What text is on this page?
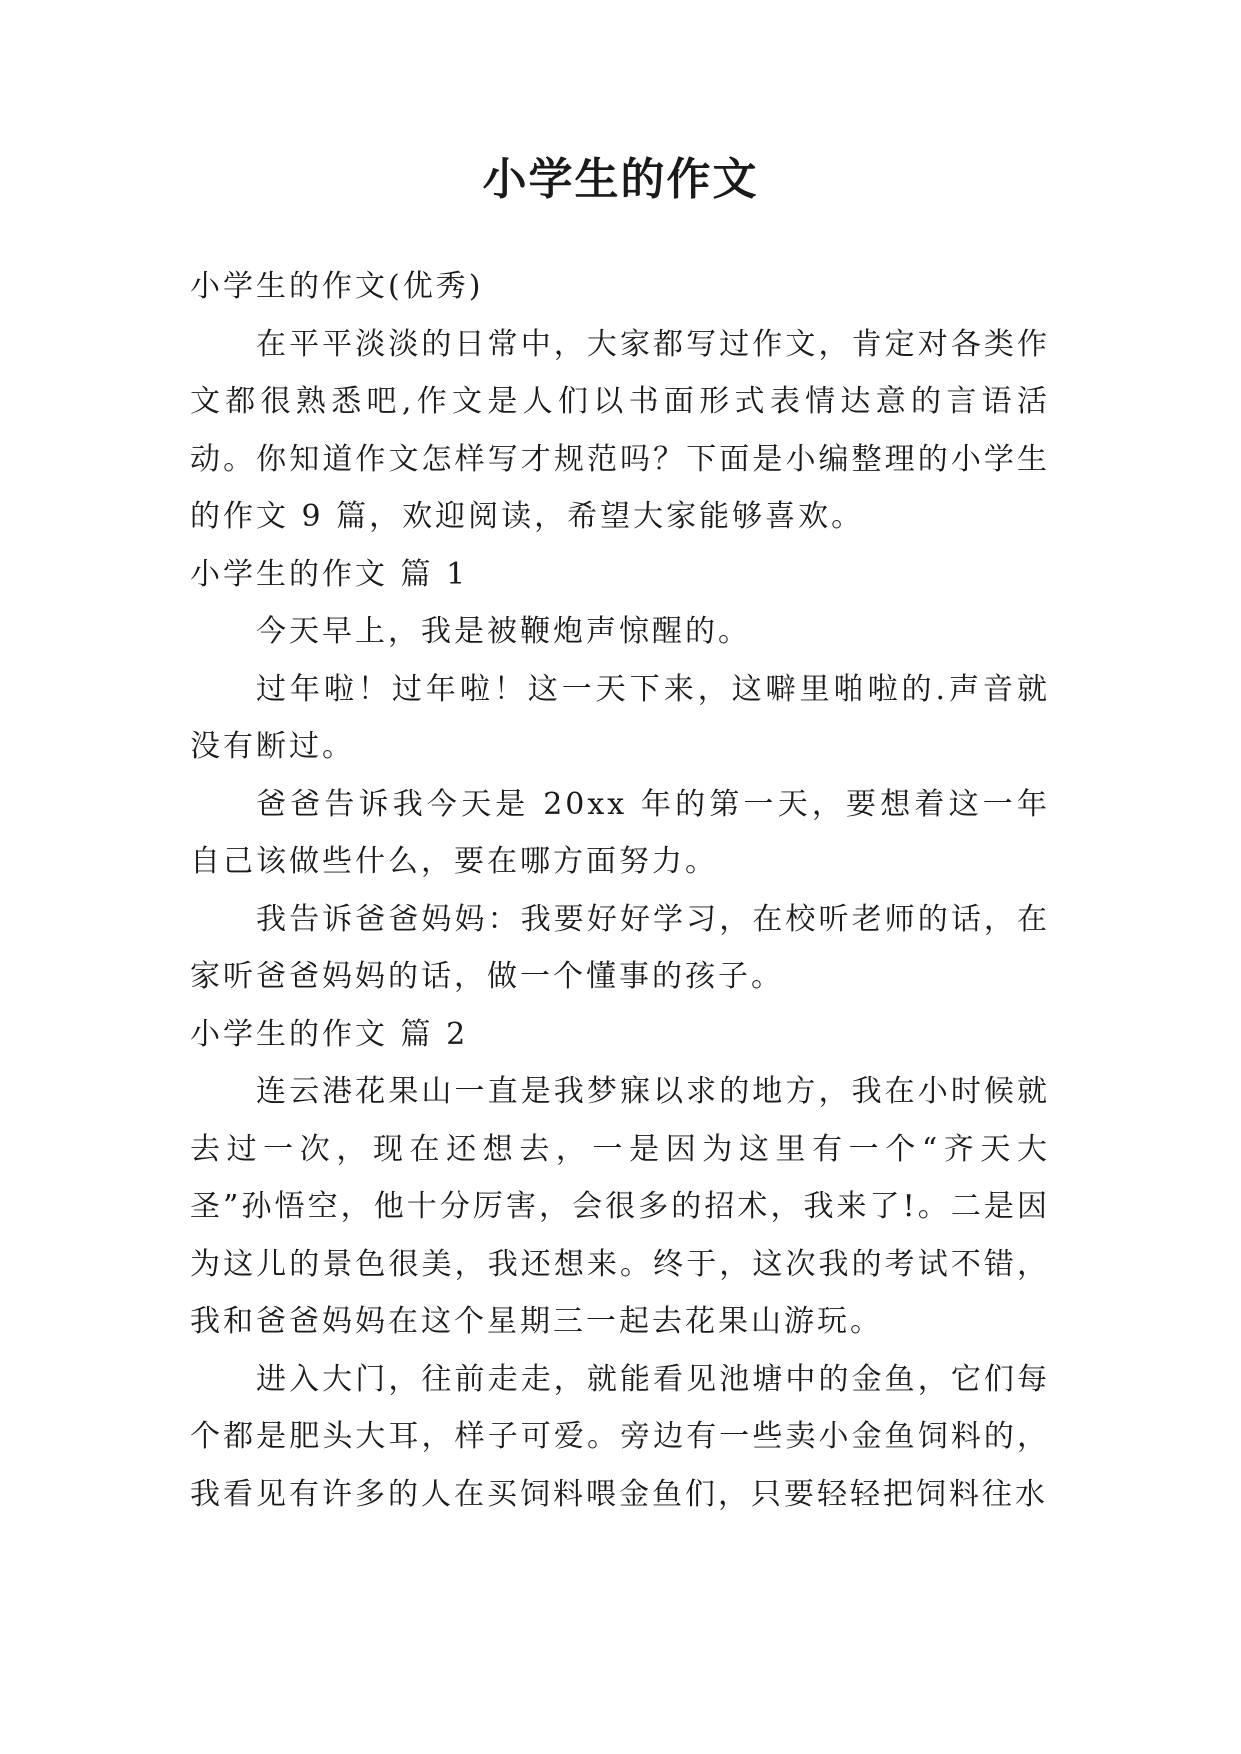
小学生的作文

小学生的作文(优秀)

在平平淡淡的日常中，大家都写过作文，肯定对各类作文都很熟悉吧,作文是人们以书面形式表情达意的言语活动。你知道作文怎样写才规范吗？下面是小编整理的小学生的作文 9 篇，欢迎阅读，希望大家能够喜欢。

小学生的作文 篇 1

今天早上，我是被鞭炮声惊醒的。

过年啦！过年啦！这一天下来，这噼里啪啦的.声音就没有断过。

爸爸告诉我今天是 20xx 年的第一天，要想着这一年自己该做些什么，要在哪方面努力。

我告诉爸爸妈妈：我要好好学习，在校听老师的话，在家听爸爸妈妈的话，做一个懂事的孩子。

小学生的作文 篇 2

连云港花果山一直是我梦寐以求的地方，我在小时候就去过一次，现在还想去，一是因为这里有一个“齐天大圣”孙悟空，他十分厉害，会很多的招术，我来了!。二是因为这儿的景色很美，我还想来。终于，这次我的考试不错，我和爸爸妈妈在这个星期三一起去花果山游玩。

进入大门，往前走走，就能看见池塘中的金鱼，它们每个都是肥头大耳，样子可爱。旁边有一些卖小金鱼饲料的，我看见有许多的人在买饲料喂金鱼们，只要轻轻把饲料往水
